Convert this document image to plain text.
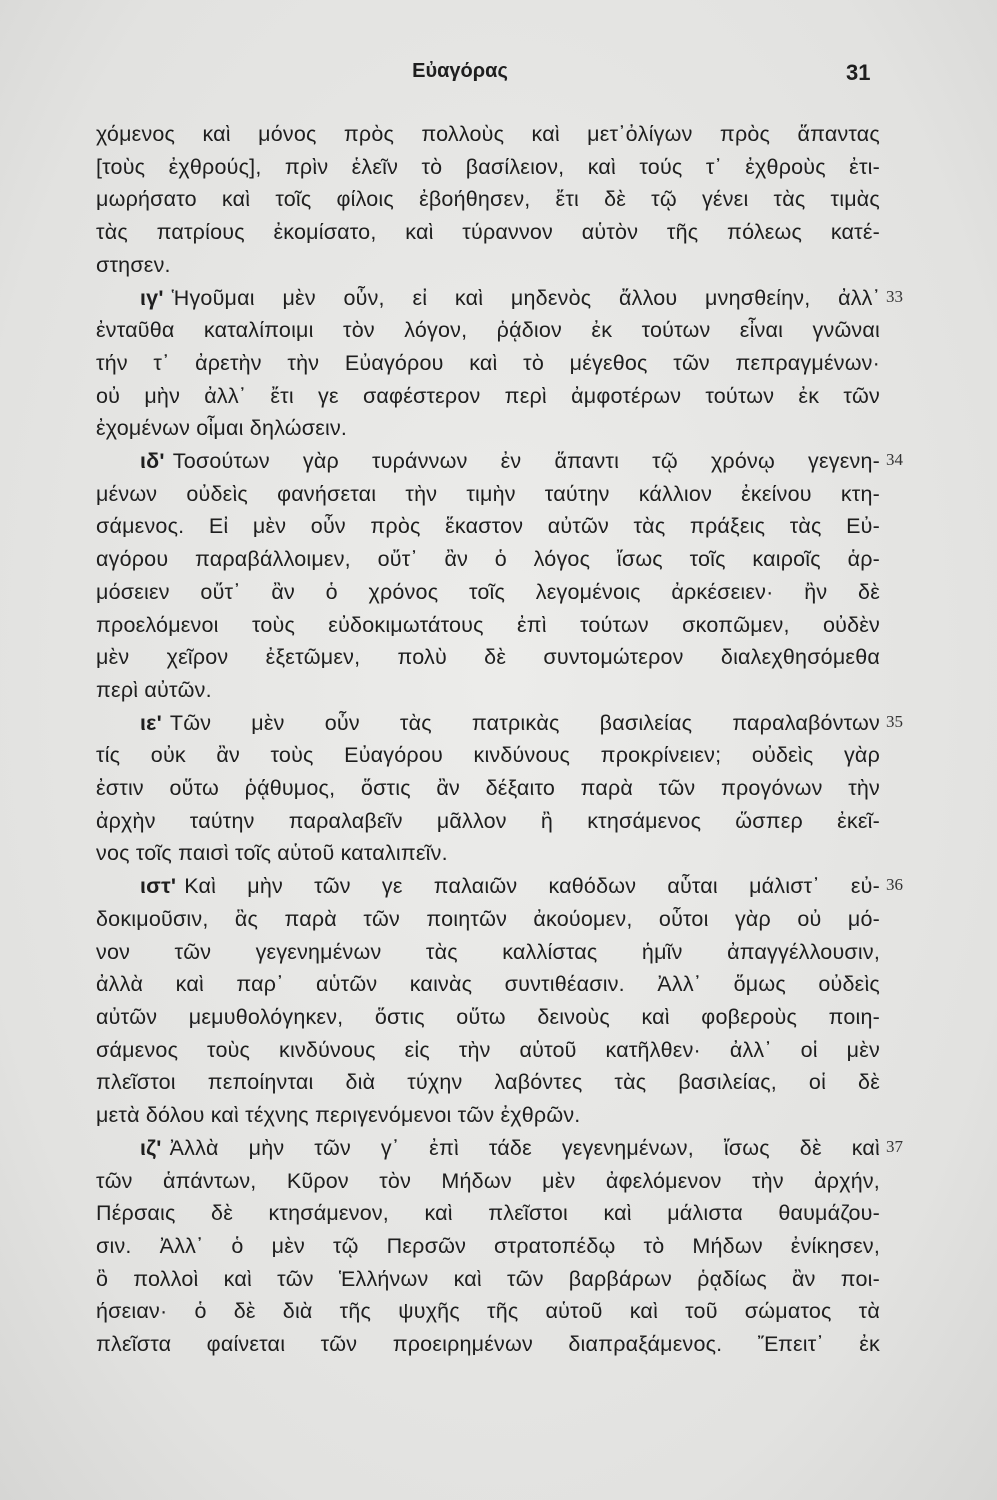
Εὐαγόρας	31
χόμενος καὶ μόνος πρὸς πολλοὺς καὶ μετ᾽ὀλίγων πρὸς ἅπαντας
[τοὺς ἐχθρούς], πρὶν ἑλεῖν τὸ βασίλειον, καὶ τούς τ᾽ ἐχθροὺς ἐτι-
μωρήσατο καὶ τοῖς φίλοις ἐβοήθησεν, ἔτι δὲ τῷ γένει τὰς τιμὰς
τὰς πατρίους ἐκομίσατο, καὶ τύραννον αὑτὸν τῆς πόλεως κατέ-
στησεν.
ιγ' Ἡγοῦμαι μὲν οὖν, εἰ καὶ μηδενὸς ἄλλου μνησθείην, ἀλλ᾽
ἐνταῦθα καταλίποιμι τὸν λόγον, ῥᾴδιον ἐκ τούτων εἶναι γνῶναι
τήν τ᾽ ἀρετὴν τὴν Εὐαγόρου καὶ τὸ μέγεθος τῶν πεπραγμένων·
οὐ μὴν ἀλλ᾽ ἔτι γε σαφέστερον περὶ ἀμφοτέρων τούτων ἐκ τῶν
ἐχομένων οἶμαι δηλώσειν.
ιδ' Τοσούτων γὰρ τυράννων ἐν ἅπαντι τῷ χρόνῳ γεγενη-
μένων οὐδεὶς φανήσεται τὴν τιμὴν ταύτην κάλλιον ἐκείνου κτη-
σάμενος. Εἰ μὲν οὖν πρὸς ἕκαστον αὐτῶν τὰς πράξεις τὰς Εὐ-
αγόρου παραβάλλοιμεν, οὔτ᾽ ἂν ὁ λόγος ἴσως τοῖς καιροῖς ἁρ-
μόσειεν οὔτ᾽ ἂν ὁ χρόνος τοῖς λεγομένοις ἀρκέσειεν· ἢν δὲ
προελόμενοι τοὺς εὐδοκιμωτάτους ἐπὶ τούτων σκοπῶμεν, οὐδὲν
μὲν χεῖρον ἐξετῶμεν, πολὺ δὲ συντομώτερον διαλεχθησόμεθα
περὶ αὐτῶν.
ιε' Τῶν μὲν οὖν τὰς πατρικὰς βασιλείας παραλαβόντων
τίς οὐκ ἂν τοὺς Εὐαγόρου κινδύνους προκρίνειεν; οὐδεὶς γὰρ
ἐστιν οὕτω ῥᾴθυμος, ὅστις ἂν δέξαιτο παρὰ τῶν προγόνων τὴν
ἀρχὴν ταύτην παραλαβεῖν μᾶλλον ἢ κτησάμενος ὥσπερ ἐκεῖ-
νος τοῖς παισὶ τοῖς αὑτοῦ καταλιπεῖν.
ιστ' Καὶ μὴν τῶν γε παλαιῶν καθόδων αὗται μάλιστ᾽ εὐ-
δοκιμοῦσιν, ἃς παρὰ τῶν ποιητῶν ἀκούομεν, οὗτοι γὰρ οὐ μό-
νον τῶν γεγενημένων τὰς καλλίστας ἡμῖν ἀπαγγέλλουσιν,
ἀλλὰ καὶ παρ᾽ αὑτῶν καινὰς συντιθέασιν. Ἀλλ᾽ ὅμως οὐδεὶς
αὐτῶν μεμυθολόγηκεν, ὅστις οὕτω δεινοὺς καὶ φοβεροὺς ποιη-
σάμενος τοὺς κινδύνους εἰς τὴν αὑτοῦ κατῆλθεν· ἀλλ᾽ οἱ μὲν
πλεῖστοι πεποίηνται διὰ τύχην λαβόντες τὰς βασιλείας, οἱ δὲ
μετὰ δόλου καὶ τέχνης περιγενόμενοι τῶν ἐχθρῶν.
ιζ' Ἀλλὰ μὴν τῶν γ᾽ ἐπὶ τάδε γεγενημένων, ἴσως δὲ καὶ
τῶν ἁπάντων, Κῦρον τὸν Μήδων μὲν ἀφελόμενον τὴν ἀρχήν,
Πέρσαις δὲ κτησάμενον, καὶ πλεῖστοι καὶ μάλιστα θαυμάζου-
σιν. Ἀλλ᾽ ὁ μὲν τῷ Περσῶν στρατοπέδῳ τὸ Μήδων ἐνίκησεν,
ὃ πολλοὶ καὶ τῶν Ἑλλήνων καὶ τῶν βαρβάρων ῥᾳδίως ἂν ποι-
ήσειαν· ὁ δὲ διὰ τῆς ψυχῆς τῆς αὑτοῦ καὶ τοῦ σώματος τὰ
πλεῖστα φαίνεται τῶν προειρημένων διαπραξάμενος. Ἔπειτ᾽ ἐκ
33
34
35
36
37
